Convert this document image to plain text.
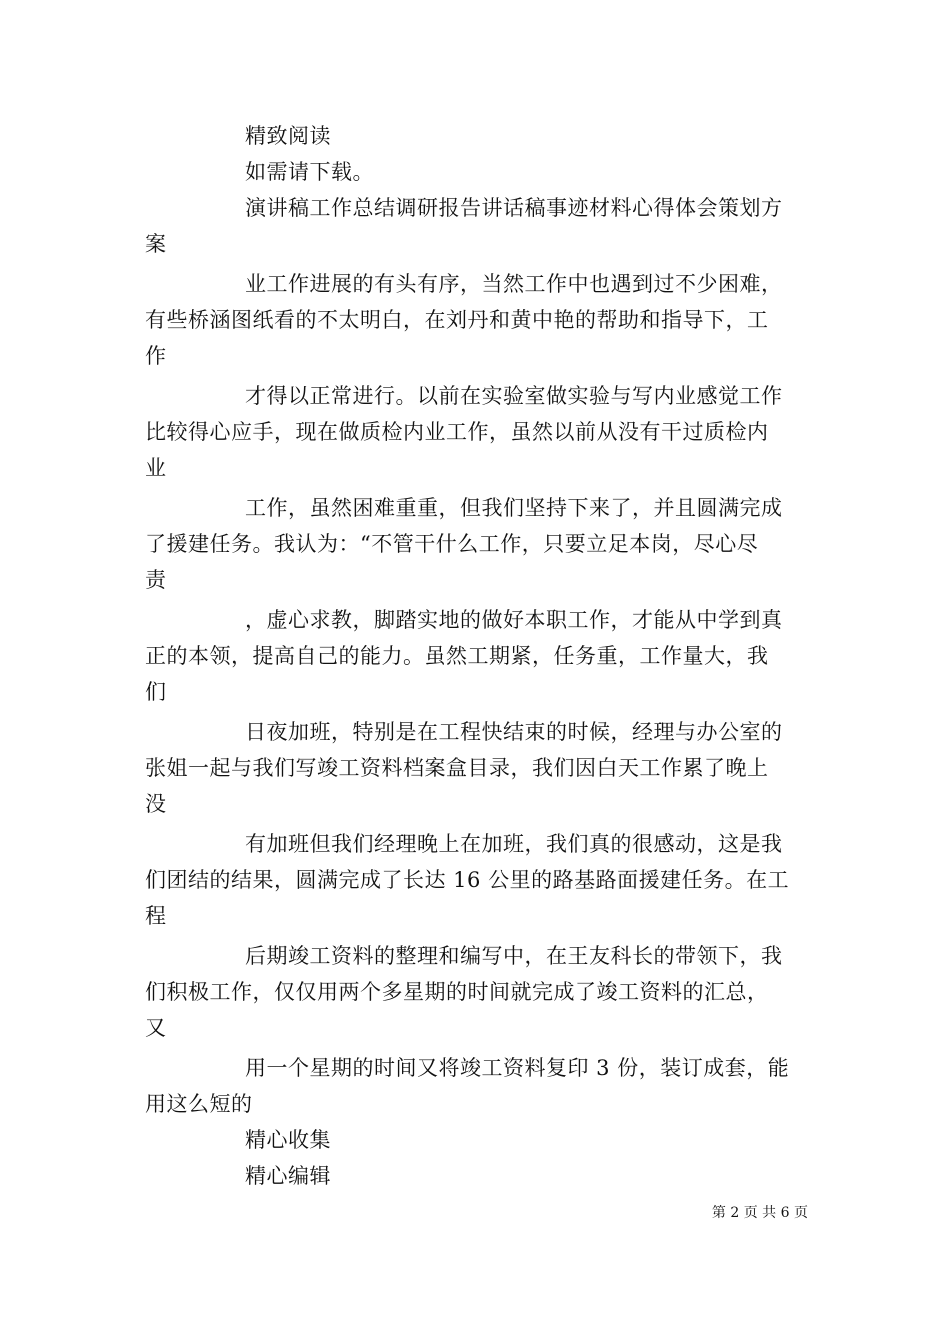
精致阅读
如需请下载。
演讲稿工作总结调研报告讲话稿事迹材料心得体会策划方
案
业工作进展的有头有序，当然工作中也遇到过不少困难，
有些桥涵图纸看的不太明白，在刘丹和黄中艳的帮助和指导下，工
作
才得以正常进行。以前在实验室做实验与写内业感觉工作
比较得心应手，现在做质检内业工作，虽然以前从没有干过质检内
业
工作，虽然困难重重，但我们坚持下来了，并且圆满完成
了援建任务。我认为：“不管干什么工作，只要立足本岗，尽心尽
责
，虚心求教，脚踏实地的做好本职工作，才能从中学到真
正的本领，提高自己的能力。虽然工期紧，任务重，工作量大，我
们
日夜加班，特别是在工程快结束的时候，经理与办公室的
张姐一起与我们写竣工资料档案盒目录，我们因白天工作累了晚上
没
有加班但我们经理晚上在加班，我们真的很感动，这是我
们团结的结果，圆满完成了长达 16 公里的路基路面援建任务。在工
程
后期竣工资料的整理和编写中，在王友科长的带领下，我
们积极工作，仅仅用两个多星期的时间就完成了竣工资料的汇总，
又
用一个星期的时间又将竣工资料复印 3 份，装订成套，能
用这么短的
精心收集
精心编辑
第 2 页 共 6 页
